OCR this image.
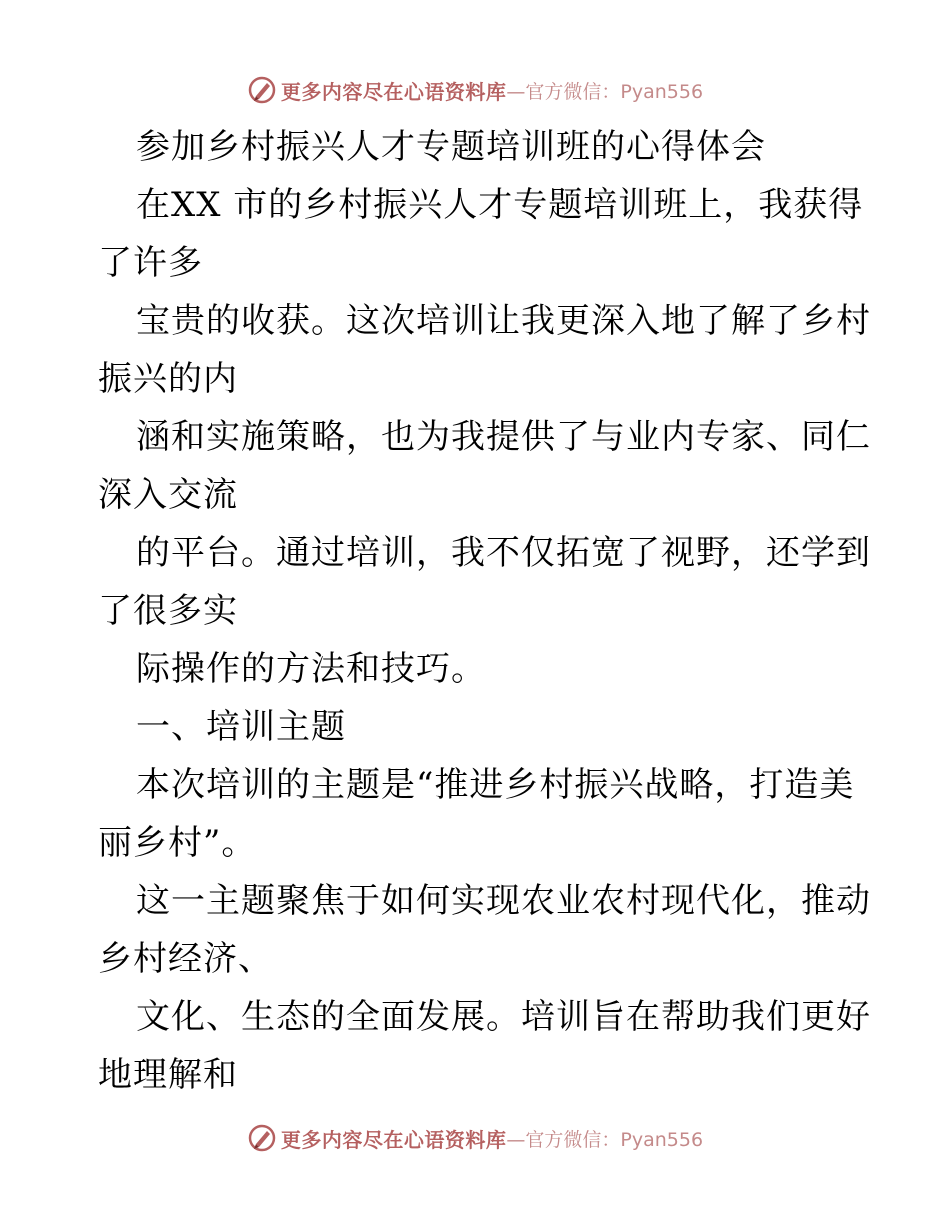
更多内容尽在心语资料库 —官方微信：Pyan556
参加乡村振兴人才专题培训班的心得体会
在XX 市的乡村振兴人才专题培训班上，我获得
了许多
宝贵的收获。这次培训让我更深入地了解了乡村
振兴的内
涵和实施策略，也为我提供了与业内专家、同仁
深入交流
的平台。通过培训，我不仅拓宽了视野，还学到
了很多实
际操作的方法和技巧。
一、培训主题
本次培训的主题是“推进乡村振兴战略，打造美
丽乡村”。
这一主题聚焦于如何实现农业农村现代化，推动
乡村经济、
文化、生态的全面发展。培训旨在帮助我们更好
地理解和
更多内容尽在心语资料库 —官方微信：Pyan556
